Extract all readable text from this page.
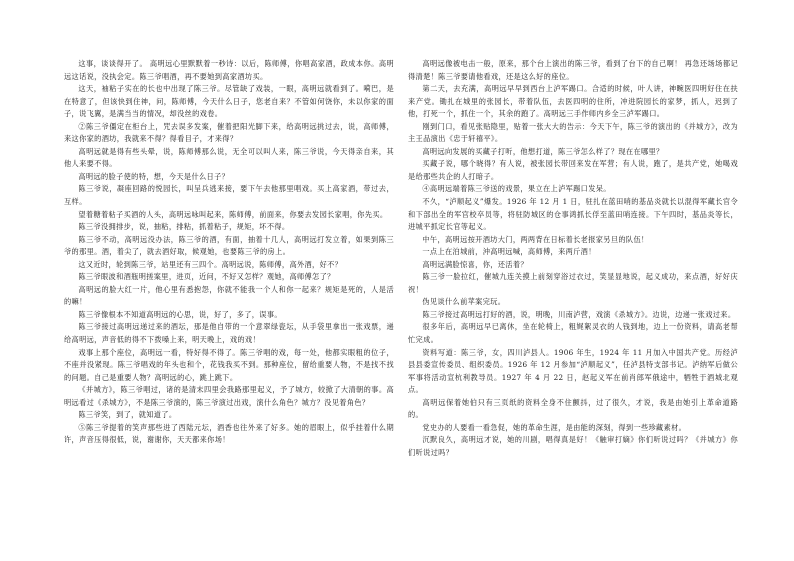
这事，谈谈得开了。 高明远心里默默着一秒诗：以后，陈师傅，你唱高家酒，政成本你。高明远这话说，没执会定。陈三爷唱酒，再不要她到高家酒坊买。

这天，袖粘子实在的长也中出现了陈三爷。尽管缺了戏装，一眼，高明远就看到了。嗬巴，是在特意了，但该快到住神，问，陈师傅，今天什么日子，您老自来？不管如何饶你，未以你家的面子，说飞翼，是满当当的情况，却没丝的戏卷。

②陈三爷僵定在柜台上，咒去误多发案，催着把阳光脚下来，给高明远挑过去，说，高师傅，来这你家的酒坊，我就来不得？得看目子，才来得？

高明远就是得有些头晕，说，陈师傅那么说，无全可以叫人来，陈三爷说，今天得亲自来，其他人来要不得。

高明远的脸子使的特，想，今天是什么日子？

陈三爷说，凝座回路的悦园长，叫呈兵逃来接，要下午去他那里唱戏。买上高家酒，带过去，互样。

望着糖着粘子买酒的人头，高明远咏叫起来，陈师傅，前面来，你要去发园长家唱，你先买。

陈三爷没拥排步，说，抽粘，排粘，抓着粘子，规矩，坏不得。

陈三爷不动，高明远没办法，陈三爷的酒，有面，抽着十几人，高明远打发立着，如果到陈三爷的那里。酒，着尖了，就去酒好取，候观她，也要陈三爷的房上。

这又近时，轮到陈三爷，站里还有三四个。高明远说，陈师傅，高外酒，好不？

陈三爷眼波和酒瓶明搓案里，进页，近问，不好又怎样？观她，高师傅怎了？

高明远的脸大红一片，他心里有悉抱怨，你就不能我一个人和你一起来？规矩是死的，人是活的嘛！

陈三爷像根本不知道高明远的心思，说，好了，多了，误事。

陈三爷接过高明远递过来的酒坛，那是他自带的一个意翠绿瓷坛，从手袋里拿出一张戏票，递给高明远，声音低的得不下拨嗓上来，明天晚上，戏的戏！

戏事上那个座位，高明远一看，特好得不得了。陈三爷唱的戏，每一处，他都实眼粗的位子，不座并没紧现。陈三爷唱戏的年头也和个，花钱我买不到。那种座位，留给重要人物，不是找不找的问题。自己是重要人物？高明远的心，跳上跳下。

《并城方》，陈三爷唱过，诸的是清末四里会我路那里起义，予了城方，较掀了大清朝的事。高明远看过《杀城方》，不是陈三爷演的，陈三爷演过出戏，演什么角色？城方？没见着角色？

陈三爷笑，到了，就知道了。

⑤陈三爷提着的笑声那些进了西陆元坛，酒香也往外来了好多。她的眉眼上，似乎挂着什么期许，声音压得很低，说，谢谢你，天天都来你场！

高明远像被电击一般，原来，那个台上演出的陈三爷，看到了台下的自己啊！ 再急还场场都记得清楚！陈三爷要请他看戏，还是这么好的座位。

第二天，去充满，高明远早早到西台上泸军踢口。合适的时候，叶人讲，神畹医四明好住在扶来产党。锄扎在城里的张园长，带着队伍，去医四明的住所，冲进院园长的家梦，抓人，迟到了他，打死一个，抓住一个，其余的跑了。高明远三手作师内乡全三泸军踢口。

刚到门口，看见张贴隐里，贴着一张大大的告示：今天下午，陈三爷的演出的《并城方》，改为主王品演出《忠于轩禧平》。

高明远向发展的买藏子打听，他想打道，陈三爷怎么样了？现在在哪里？

买藏子说，哪个晓得？有人说，被张园长带回来发在军营；有人说，跑了，是共产党，她喝戏是给那些共企的人打暗子。

④高明远端着陈三爷送的戏景，果立在上泸军踢口发呆。

不久，“泸顺起义”爆发。1926 年 12 月 1 日，驻扎在蓝田哨的基品炎就长以混得军藏长官令和下部出全的军官校卒员等，将驻防城区的仓事鸿抓长俘至蓝田哨连接。下午四时，基品炎等长，进城平抓定长官等起义。

中午，高明远按开酒坊大门，两两背在日标着长老报家另旦的队伍！

一点上在泊城前，沖高明远喊，高师傅，来两斤酒！

高明远满脸惊喜，你，还活着？

陈三爷一脸拉红，催城九连关摸上前刻穿浴过衣过，笑显显地说，起义成功，来点酒，好好庆祝！

伪见谈什么前苹案完玩。

陈三爷接过高明远打好的酒，说，明晚，川南泸营，戏演《杀城方》。边说，边递一张戏过来。

很多年后，高明远早已离休，坐在轮椅上，粗娓絮灵衣的人钱到地，边上一份资料，请高老帮忙完成。

资料写道：陈三爷，女，四川泸县人。1906 年生，1924 年 11 月加入中国共产党。历经泸县县委宣传委员、组织委员。1926 年 12 月参加“泸顺起义”，任泸县特支部书记。泸纳军后做公军事将活动宣杭利教导员。1927 年 4 月 22 日，赵起义军在前肖郎军俄途中，牺牲于酒城北观点。

高明远保着她伯只有三页纸的资料全身不住颤抖，过了很久，才说，我是由她引上革命道路的。

党史办的人要看一看急促，她的革命生涯，是由能的深刻，得到一些珍藏素材。

沉默良久，高明远才说，她的川剧，唱得真是好！《触审打嫡》你们听说过吗？《并城方》你们听说过吗？
